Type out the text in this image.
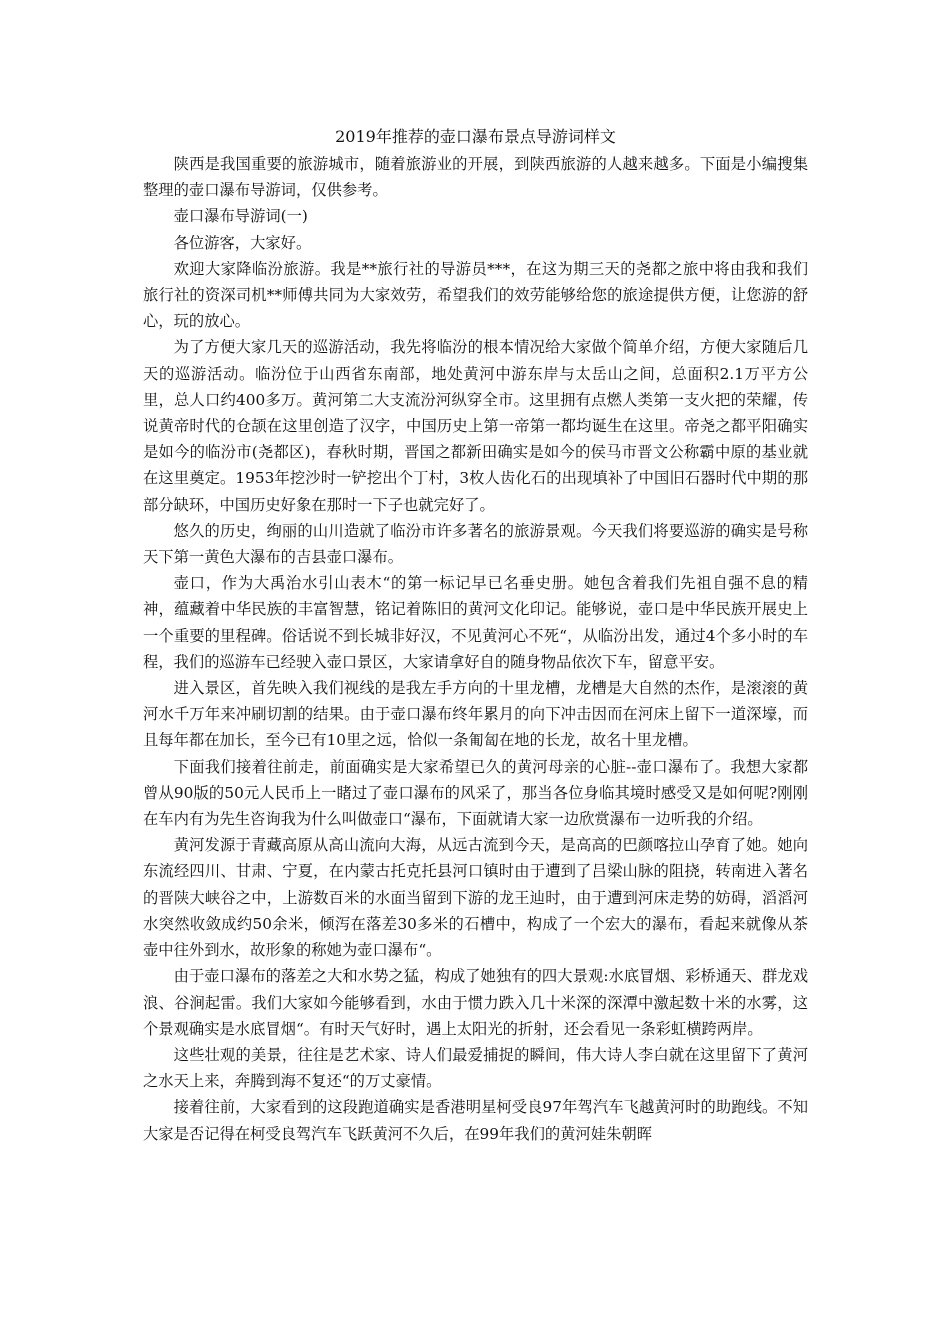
2019年推荐的壶口瀑布景点导游词样文

陕西是我国重要的旅游城市，随着旅游业的开展，到陕西旅游的人越来越多。下面是小编搜集整理的壶口瀑布导游词，仅供参考。

壶口瀑布导游词(一)

各位游客，大家好。

欢迎大家降临汾旅游。我是**旅行社的导游员***，在这为期三天的尧都之旅中将由我和我们旅行社的资深司机**师傅共同为大家效劳，希望我们的效劳能够给您的旅途提供方便，让您游的舒心，玩的放心。

为了方便大家几天的巡游活动，我先将临汾的根本情况给大家做个简单介绍，方便大家随后几天的巡游活动。临汾位于山西省东南部，地处黄河中游东岸与太岳山之间，总面积2.1万平方公里，总人口约400多万。黄河第二大支流汾河纵穿全市。这里拥有点燃人类第一支火把的荣耀，传说黄帝时代的仓颉在这里创造了汉字，中国历史上第一帝第一都均诞生在这里。帝尧之都平阳确实是如今的临汾市(尧都区)，春秋时期，晋国之都新田确实是如今的侯马市晋文公称霸中原的基业就在这里奠定。1953年挖沙时一铲挖出个丁村，3枚人齿化石的出现填补了中国旧石器时代中期的那部分缺环，中国历史好象在那时一下子也就完好了。

悠久的历史，绚丽的山川造就了临汾市许多著名的旅游景观。今天我们将要巡游的确实是号称天下第一黄色大瀑布的吉县壶口瀑布。

壶口，作为大禹治水引山表木“的第一标记早已名垂史册。她包含着我们先祖自强不息的精神，蕴藏着中华民族的丰富智慧，铭记着陈旧的黄河文化印记。能够说，壶口是中华民族开展史上一个重要的里程碑。俗话说不到长城非好汉，不见黄河心不死“，从临汾出发，通过4个多小时的车程，我们的巡游车已经驶入壶口景区，大家请拿好自的随身物品依次下车，留意平安。

进入景区，首先映入我们视线的是我左手方向的十里龙槽，龙槽是大自然的杰作，是滚滚的黄河水千万年来冲刷切割的结果。由于壶口瀑布终年累月的向下冲击因而在河床上留下一道深壕，而且每年都在加长，至今已有10里之远，恰似一条匍匐在地的长龙，故名十里龙槽。

下面我们接着往前走，前面确实是大家希望已久的黄河母亲的心脏--壶口瀑布了。我想大家都曾从90版的50元人民币上一睹过了壶口瀑布的风采了，那当各位身临其境时感受又是如何呢?刚刚在车内有为先生咨询我为什么叫做壶口“瀑布，下面就请大家一边欣赏瀑布一边听我的介绍。

黄河发源于青藏高原从高山流向大海，从远古流到今天，是高高的巴颜喀拉山孕育了她。她向东流经四川、甘肃、宁夏，在内蒙古托克托县河口镇时由于遭到了吕梁山脉的阻挠，转南进入著名的晋陕大峡谷之中，上游数百米的水面当留到下游的龙王辿时，由于遭到河床走势的妨碍，滔滔河水突然收敛成约50余米，倾泻在落差30多米的石槽中，构成了一个宏大的瀑布，看起来就像从茶壶中往外到水，故形象的称她为壶口瀑布“。

由于壶口瀑布的落差之大和水势之猛，构成了她独有的四大景观:水底冒烟、彩桥通天、群龙戏浪、谷涧起雷。我们大家如今能够看到，水由于惯力跌入几十米深的深潭中激起数十米的水雾，这个景观确实是水底冒烟“。有时天气好时，遇上太阳光的折射，还会看见一条彩虹横跨两岸。

这些壮观的美景，往往是艺术家、诗人们最爱捕捉的瞬间，伟大诗人李白就在这里留下了黄河之水天上来，奔腾到海不复还“的万丈豪情。

接着往前，大家看到的这段跑道确实是香港明星柯受良97年驾汽车飞越黄河时的助跑线。不知大家是否记得在柯受良驾汽车飞跃黄河不久后，在99年我们的黄河娃朱朝晖
